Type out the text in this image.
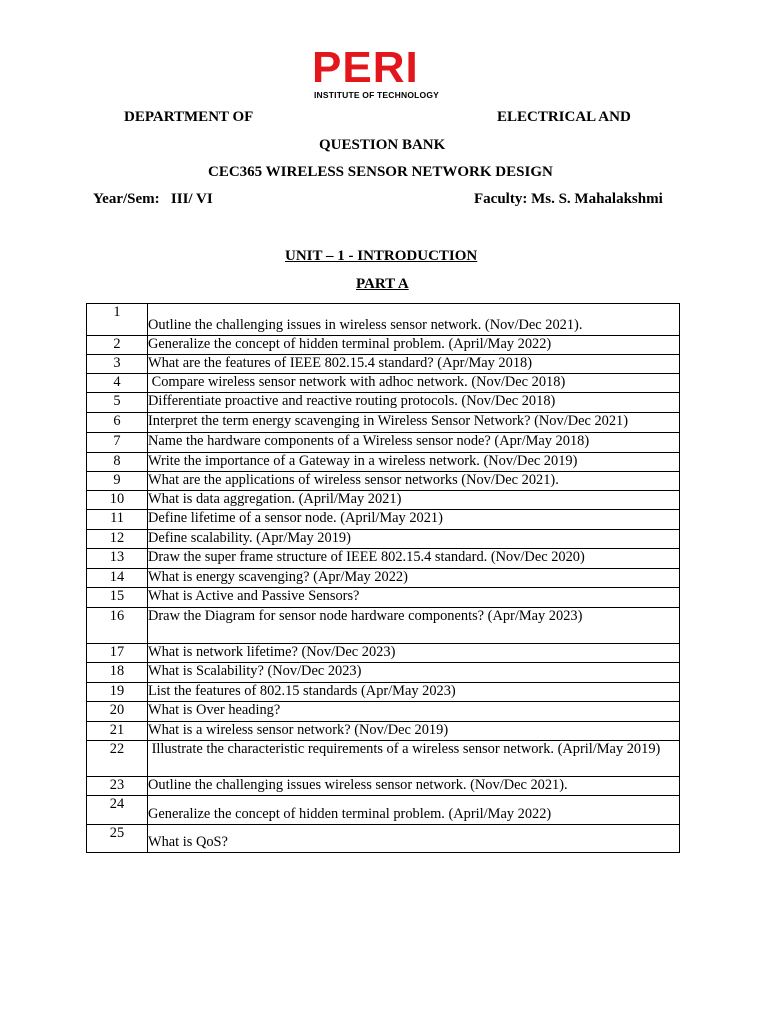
PERI
INSTITUTE OF TECHNOLOGY
DEPARTMENT OF	ELECTRICAL AND
QUESTION BANK
CEC365 WIRELESS SENSOR NETWORK DESIGN
Year/Sem:   III/ VI	Faculty: Ms. S. Mahalakshmi
UNIT – 1 - INTRODUCTION
PART A
1	Outline the challenging issues in wireless sensor network. (Nov/Dec 2021).
2	Generalize the concept of hidden terminal problem. (April/May 2022)
3	What are the features of IEEE 802.15.4 standard? (Apr/May 2018)
4	Compare wireless sensor network with adhoc network. (Nov/Dec 2018)
5	Differentiate proactive and reactive routing protocols. (Nov/Dec 2018)
6	Interpret the term energy scavenging in Wireless Sensor Network? (Nov/Dec 2021)
7	Name the hardware components of a Wireless sensor node? (Apr/May 2018)
8	Write the importance of a Gateway in a wireless network. (Nov/Dec 2019)
9	What are the applications of wireless sensor networks (Nov/Dec 2021).
10	What is data aggregation. (April/May 2021)
11	Define lifetime of a sensor node. (April/May 2021)
12	Define scalability. (Apr/May 2019)
13	Draw the super frame structure of IEEE 802.15.4 standard. (Nov/Dec 2020)
14	What is energy scavenging? (Apr/May 2022)
15	What is Active and Passive Sensors?
16	Draw the Diagram for sensor node hardware components? (Apr/May 2023)
17	What is network lifetime? (Nov/Dec 2023)
18	What is Scalability? (Nov/Dec 2023)
19	List the features of 802.15 standards (Apr/May 2023)
20	What is Over heading?
21	What is a wireless sensor network? (Nov/Dec 2019)
22	Illustrate the characteristic requirements of a wireless sensor network. (April/May 2019)
23	Outline the challenging issues wireless sensor network. (Nov/Dec 2021).
24	Generalize the concept of hidden terminal problem. (April/May 2022)
25	What is QoS?
